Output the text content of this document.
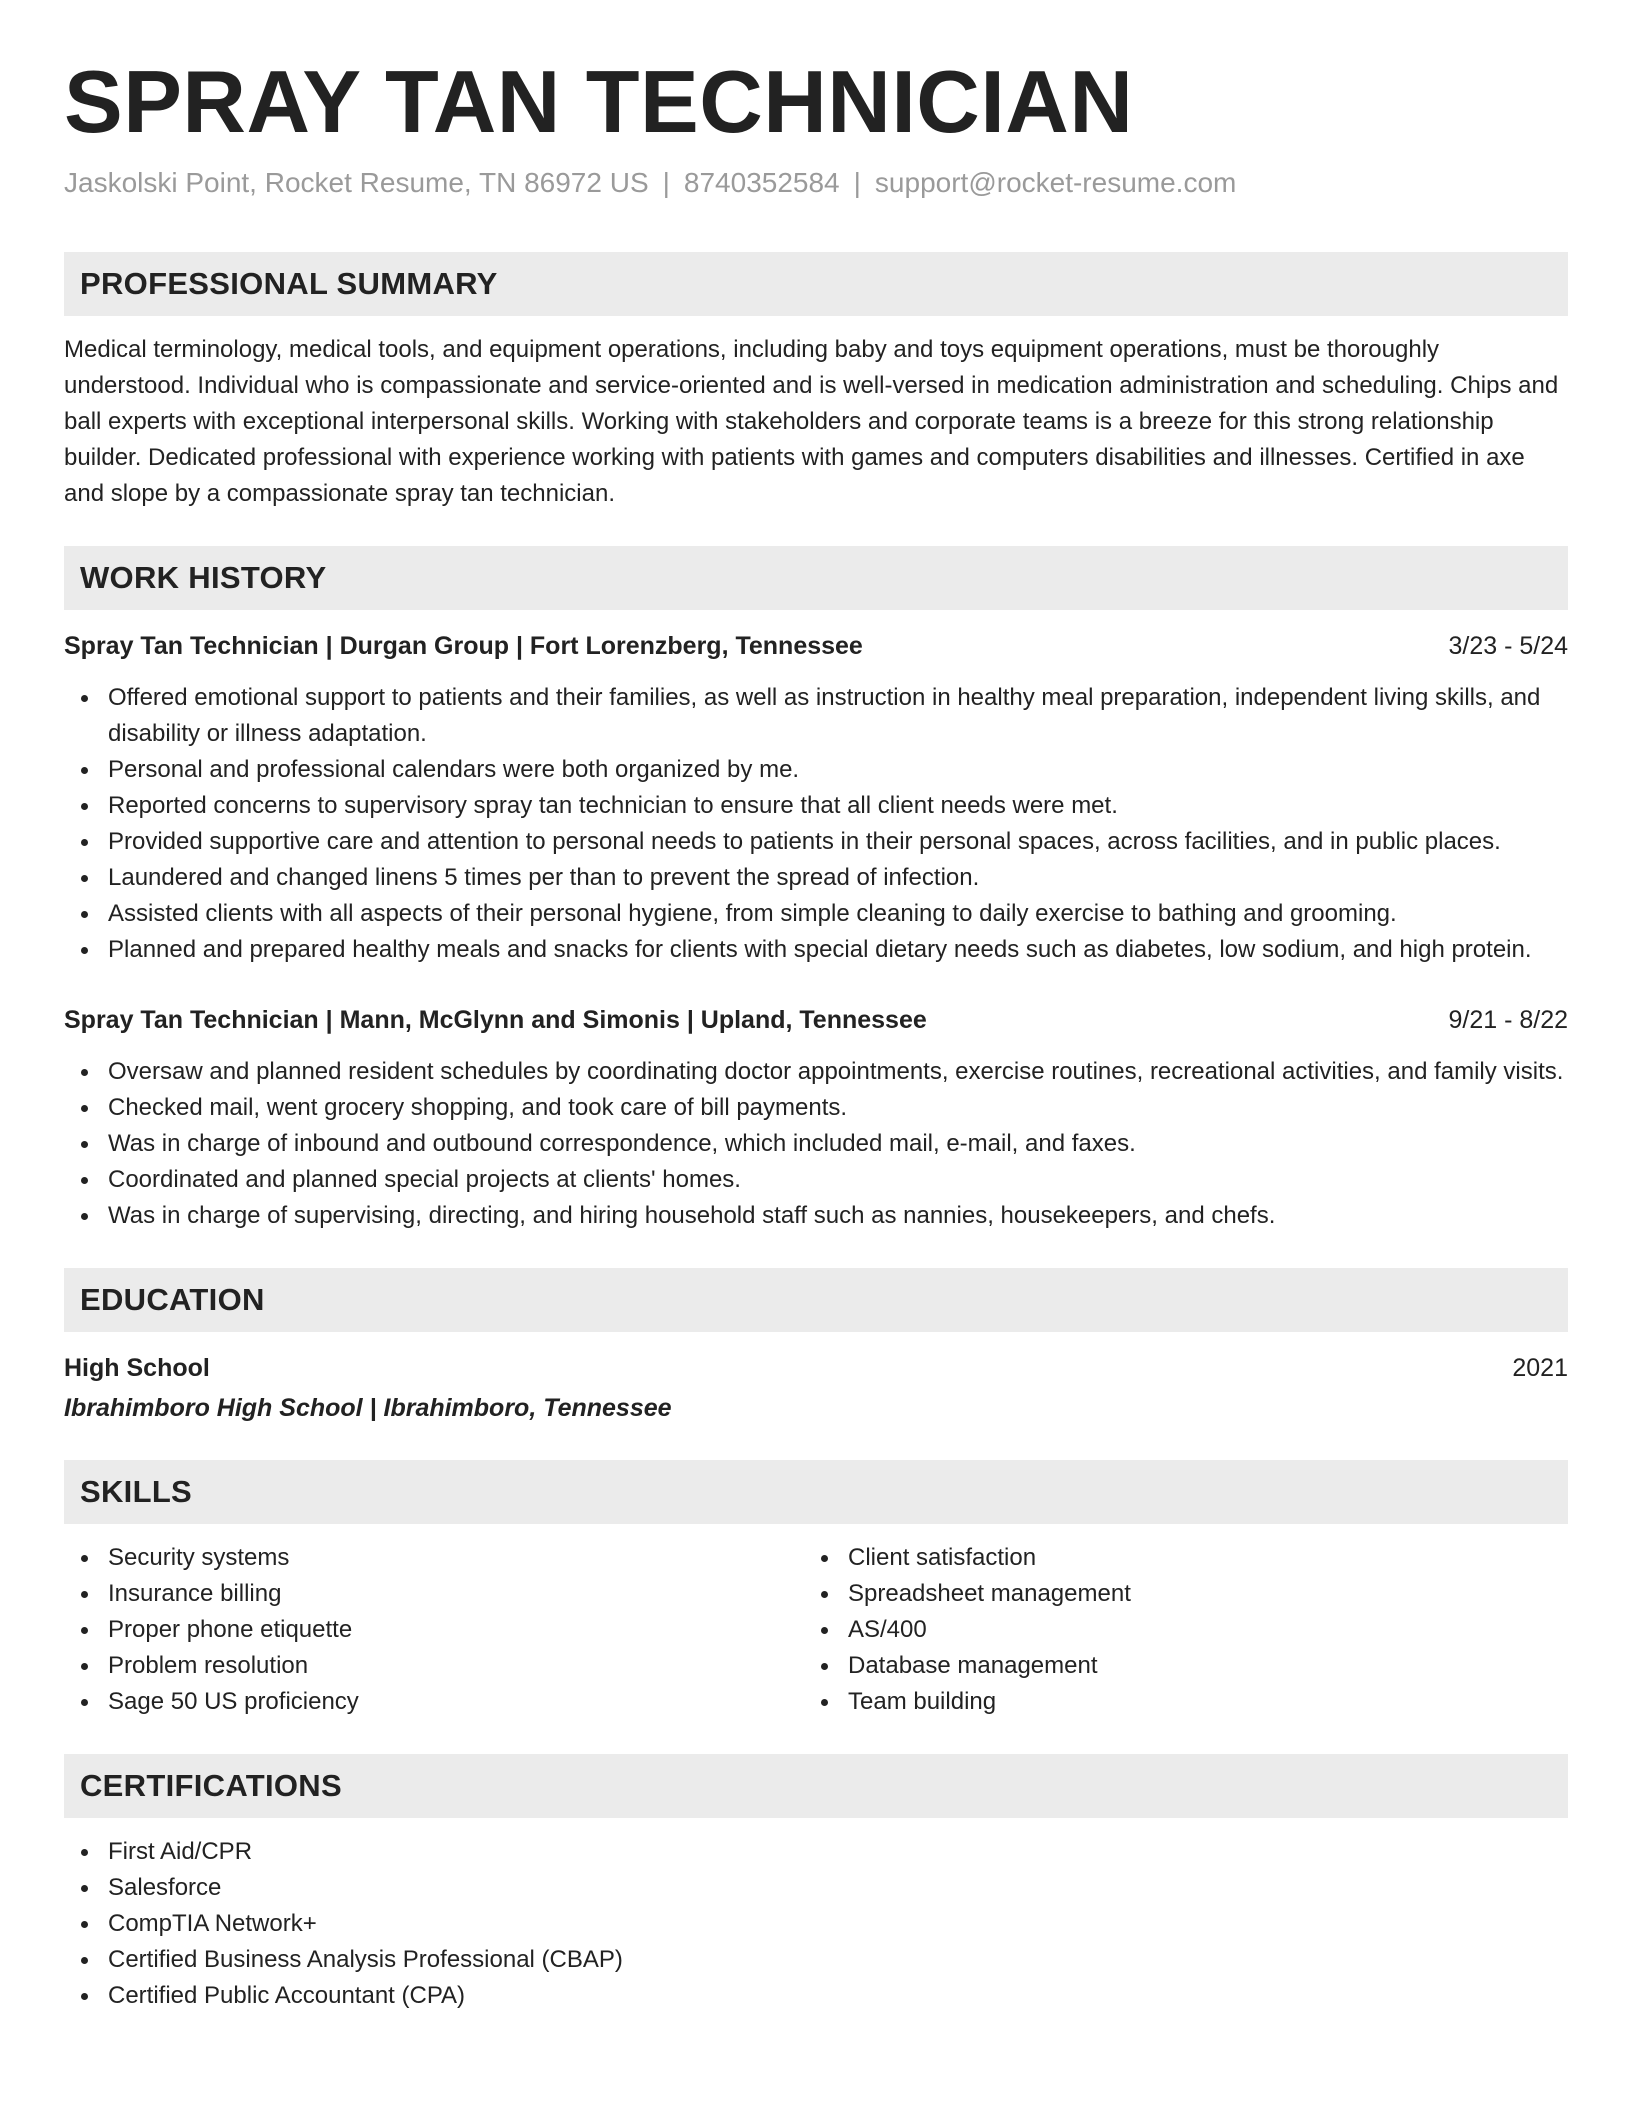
SPRAY TAN TECHNICIAN
Jaskolski Point, Rocket Resume, TN 86972 US | 8740352584 | support@rocket-resume.com
PROFESSIONAL SUMMARY

Medical terminology, medical tools, and equipment operations, including baby and toys equipment operations, must be thoroughly understood. Individual who is compassionate and service-oriented and is well-versed in medication administration and scheduling. Chips and ball experts with exceptional interpersonal skills. Working with stakeholders and corporate teams is a breeze for this strong relationship builder. Dedicated professional with experience working with patients with games and computers disabilities and illnesses. Certified in axe and slope by a compassionate spray tan technician.

WORK HISTORY
Spray Tan Technician | Durgan Group | Fort Lorenzberg, Tennessee	3/23 - 5/24
Offered emotional support to patients and their families, as well as instruction in healthy meal preparation, independent living skills, and disability or illness adaptation.
Personal and professional calendars were both organized by me.
Reported concerns to supervisory spray tan technician to ensure that all client needs were met.
Provided supportive care and attention to personal needs to patients in their personal spaces, across facilities, and in public places.
Laundered and changed linens 5 times per than to prevent the spread of infection.
Assisted clients with all aspects of their personal hygiene, from simple cleaning to daily exercise to bathing and grooming.
Planned and prepared healthy meals and snacks for clients with special dietary needs such as diabetes, low sodium, and high protein.
Spray Tan Technician | Mann, McGlynn and Simonis | Upland, Tennessee	9/21 - 8/22
Oversaw and planned resident schedules by coordinating doctor appointments, exercise routines, recreational activities, and family visits.
Checked mail, went grocery shopping, and took care of bill payments.
Was in charge of inbound and outbound correspondence, which included mail, e-mail, and faxes.
Coordinated and planned special projects at clients' homes.
Was in charge of supervising, directing, and hiring household staff such as nannies, housekeepers, and chefs.
EDUCATION
High School	2021
Ibrahimboro High School | Ibrahimboro, Tennessee
SKILLS
Security systems
Insurance billing
Proper phone etiquette
Problem resolution
Sage 50 US proficiency
Client satisfaction
Spreadsheet management
AS/400
Database management
Team building
CERTIFICATIONS
First Aid/CPR
Salesforce
CompTIA Network+
Certified Business Analysis Professional (CBAP)
Certified Public Accountant (CPA)
